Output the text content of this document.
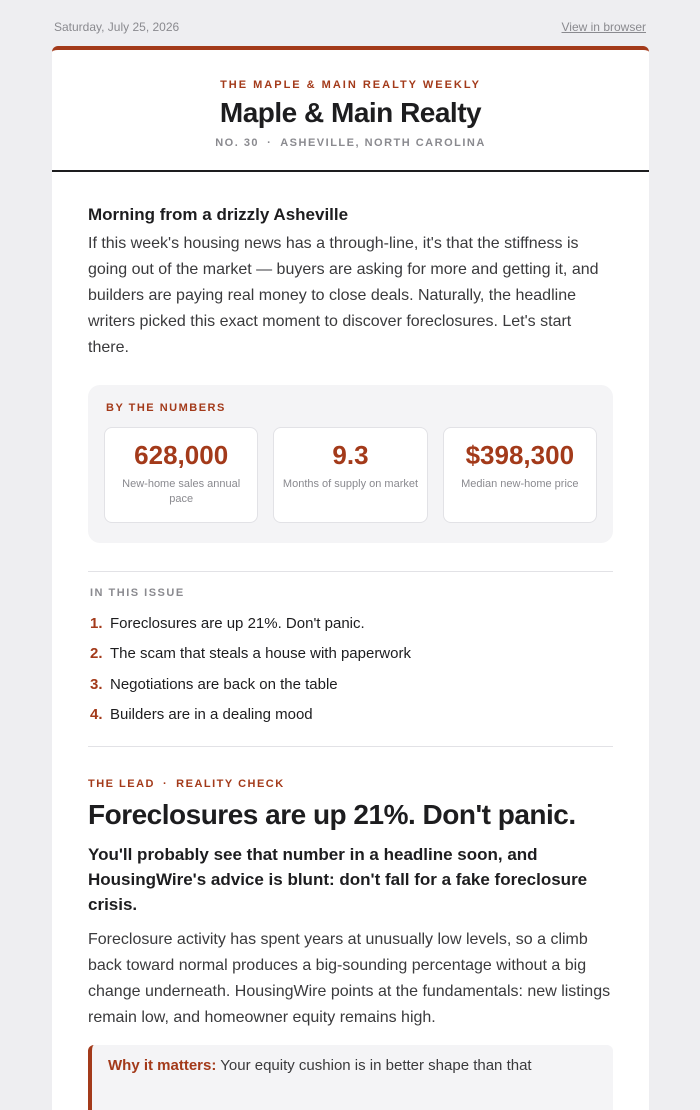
Saturday, July 25, 2026	View in browser
THE MAPLE & MAIN REALTY WEEKLY
Maple & Main Realty
NO. 30 · ASHEVILLE, NORTH CAROLINA
Morning from a drizzly Asheville
If this week's housing news has a through-line, it's that the stiffness is going out of the market — buyers are asking for more and getting it, and builders are paying real money to close deals. Naturally, the headline writers picked this exact moment to discover foreclosures. Let's start there.
BY THE NUMBERS
628,000
New-home sales annual pace
9.3
Months of supply on market
$398,300
Median new-home price
IN THIS ISSUE
1. Foreclosures are up 21%. Don't panic.
2. The scam that steals a house with paperwork
3. Negotiations are back on the table
4. Builders are in a dealing mood
THE LEAD · REALITY CHECK
Foreclosures are up 21%. Don't panic.
You'll probably see that number in a headline soon, and HousingWire's advice is blunt: don't fall for a fake foreclosure crisis.
Foreclosure activity has spent years at unusually low levels, so a climb back toward normal produces a big-sounding percentage without a big change underneath. HousingWire points at the fundamentals: new listings remain low, and homeowner equity remains high.
Why it matters: Your equity cushion is in better shape than that
